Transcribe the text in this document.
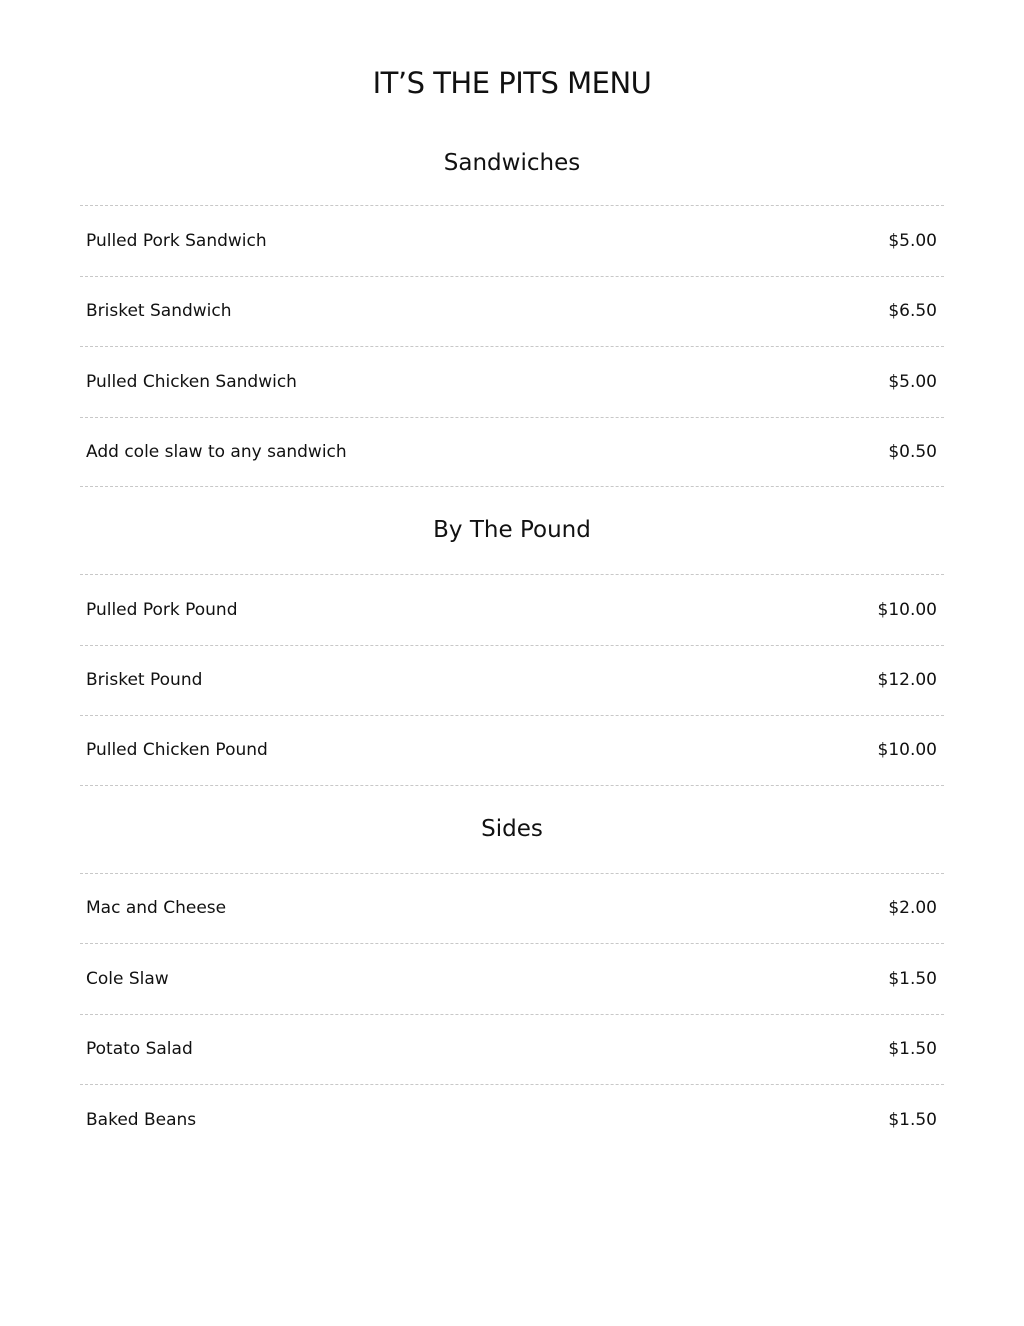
IT’S THE PITS MENU
Sandwiches
Pulled Pork Sandwich	$5.00
Brisket Sandwich	$6.50
Pulled Chicken Sandwich	$5.00
Add cole slaw to any sandwich	$0.50
By The Pound
Pulled Pork Pound	$10.00
Brisket Pound	$12.00
Pulled Chicken Pound	$10.00
Sides
Mac and Cheese	$2.00
Cole Slaw	$1.50
Potato Salad	$1.50
Baked Beans	$1.50
